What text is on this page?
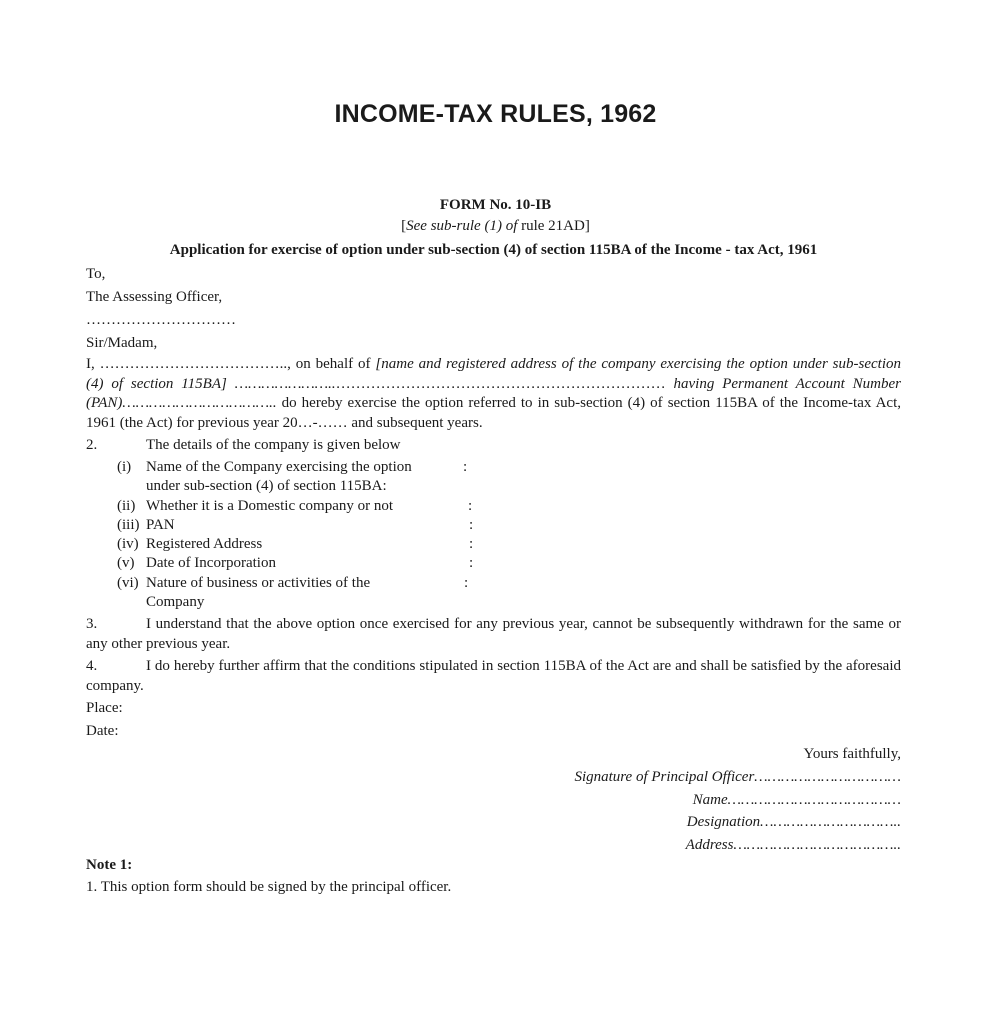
INCOME-TAX RULES, 1962
FORM No. 10-IB
[See sub-rule (1) of rule 21AD]
Application for exercise of option under sub-section (4) of section 115BA of the Income - tax Act, 1961
To,
The Assessing Officer,
…………………………
Sir/Madam,
I, ……………………………….., on behalf of [name and registered address of the company exercising the option under sub-section (4) of section 115BA] …………………..………………………………………………………… having Permanent Account Number (PAN)…………………………….. do hereby exercise the option referred to in sub-section (4) of section 115BA of the Income-tax Act, 1961 (the Act) for previous year 20…-…… and subsequent years.
2.	The details of the company is given below
(i) Name of the Company exercising the option	:
under sub-section (4) of section 115BA:
(ii) Whether it is a Domestic company or not	:
(iii) PAN	:
(iv) Registered Address	:
(v) Date of Incorporation	:
(vi) Nature of business or activities of the	:
Company
3.	I understand that the above option once exercised for any previous year, cannot be subsequently withdrawn for the same or any other previous year.
4.	I do hereby further affirm that the conditions stipulated in section 115BA of the Act are and shall be satisfied by the aforesaid company.
Place:
Date:
Yours faithfully,
Signature of Principal Officer……………………………
Name…………………………………
Designation…………………………..
Address………………………………..
Note 1:
1. This option form should be signed by the principal officer.
